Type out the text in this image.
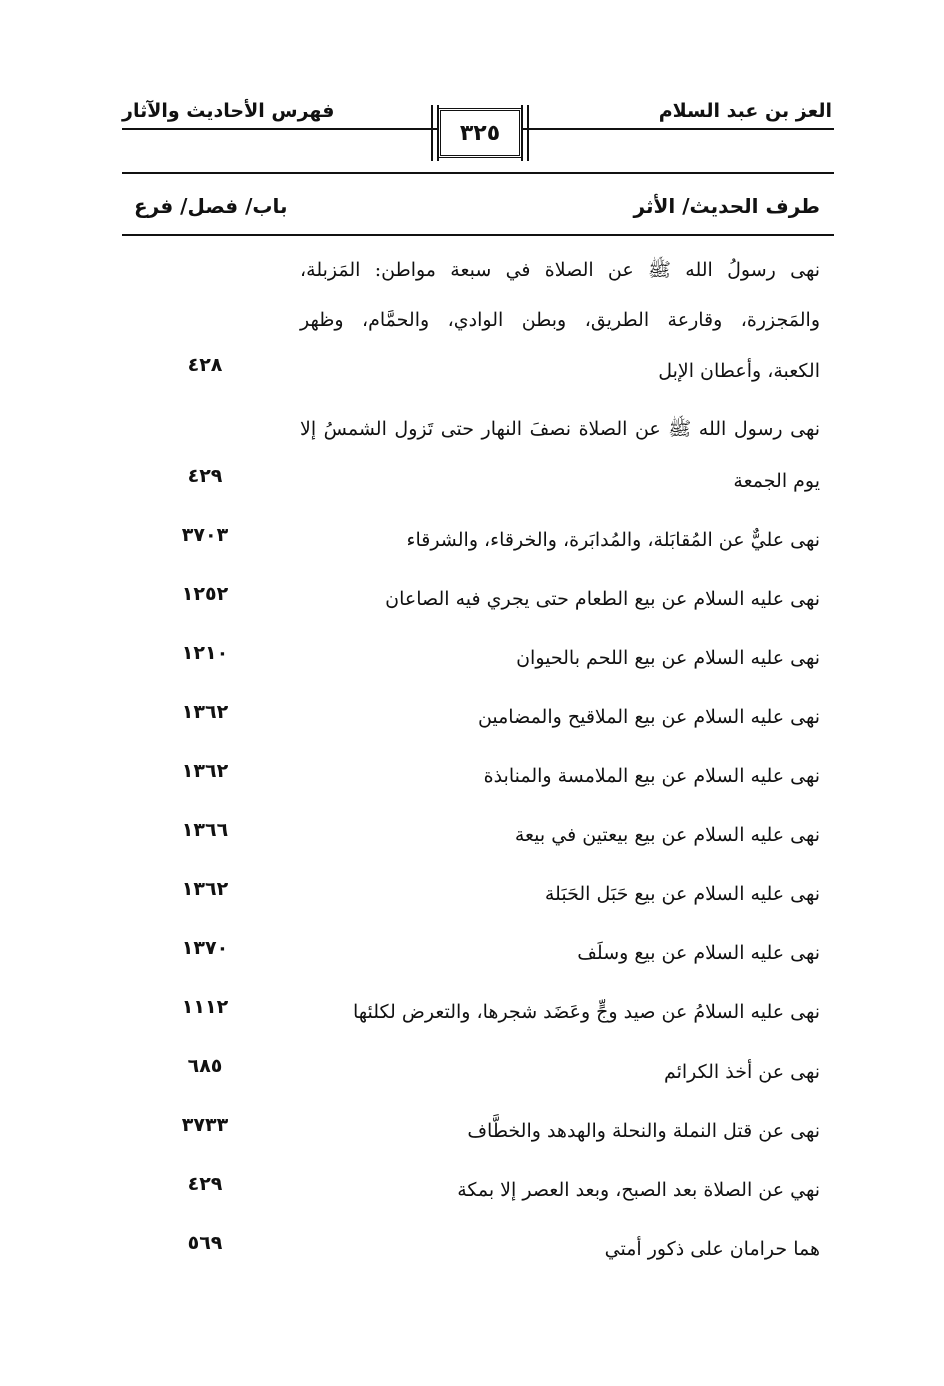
العز بن عبد السلام
فهرس الأحاديث والآثار
٣٢٥
طرف الحديث/ الأثر
باب/ فصل/ فرع
نهى رسولُ الله ﷺ عن الصلاة في سبعة مواطن: المَزبلة،
والمَجزرة، وقارعة الطريق، وبطن الوادي، والحمَّام، وظهر
الكعبة، وأعطان الإبل
٤٢٨
نهى رسول الله ﷺ عن الصلاة نصفَ النهار حتى تَزول الشمسُ إلا
يوم الجمعة
٤٢٩
نهى عليٌّ عن المُقابَلة، والمُدابَرة، والخرقاء، والشرقاء
٣٧٠٣
نهى عليه السلام عن بيع الطعام حتى يجري فيه الصاعان
١٢٥٢
نهى عليه السلام عن بيع اللحم بالحيوان
١٢١٠
نهى عليه السلام عن بيع الملاقيح والمضامين
١٣٦٢
نهى عليه السلام عن بيع الملامسة والمنابذة
١٣٦٢
نهى عليه السلام عن بيع بيعتين في بيعة
١٣٦٦
نهى عليه السلام عن بيع حَبَل الحَبَلة
١٣٦٢
نهى عليه السلام عن بيع وسلَف
١٣٧٠
نهى عليه السلامُ عن صيد وجٍّ وعَضَد شجرها، والتعرض لكلئها
١١١٢
نهى عن أخذ الكرائم
٦٨٥
نهى عن قتل النملة والنحلة والهدهد والخطَّاف
٣٧٣٣
نهي عن الصلاة بعد الصبح، وبعد العصر إلا بمكة
٤٢٩
هما حرامان على ذكور أمتي
٥٦٩
